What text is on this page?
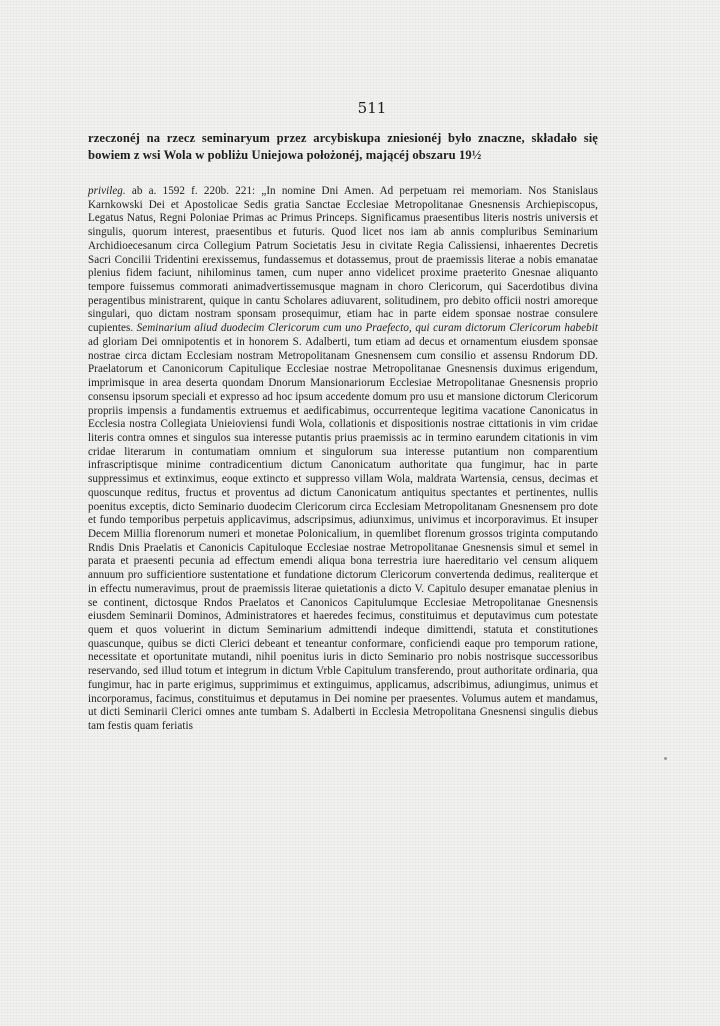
511
rzeczonéj na rzecz seminaryum przez arcybiskupa zniesionéj było znaczne, składało się bowiem z wsi Wola w pobliżu Uniejowa położonéj, mającéj obszaru 19½
privileg. ab a. 1592 f. 220b. 221: „In nomine Dni Amen. Ad perpetuam rei memoriam. Nos Stanislaus Karnkowski Dei et Apostolicae Sedis gratia Sanctae Ecclesiae Metropolitanae Gnesnensis Archiepiscopus, Legatus Natus, Regni Poloniae Primas ac Primus Princeps. Significamus praesentibus literis nostris universis et singulis, quorum interest, praesentibus et futuris. Quod licet nos iam ab annis compluribus Seminarium Archidioecesanum circa Collegium Patrum Societatis Jesu in civitate Regia Calissiensi, inhaerentes Decretis Sacri Concilii Tridentini erexissemus, fundassemus et dotassemus, prout de praemissis literae a nobis emanatae plenius fidem faciunt, nihilominus tamen, cum nuper anno videlicet proxime praeterito Gnesnae aliquanto tempore fuissemus commorati animadvertissemusque magnam in choro Clericorum, qui Sacerdotibus divina peragentibus ministrarent, quique in cantu Scholares adiuvarent, solitudinem, pro debito officii nostri amoreque singulari, quo dictam nostram sponsam prosequimur, etiam hac in parte eidem sponsae nostrae consulere cupientes. Seminarium aliud duodecim Clericorum cum uno Praefecto, qui curam dictorum Clericorum habebit ad gloriam Dei omnipotentis et in honorem S. Adalberti, tum etiam ad decus et ornamentum eiusdem sponsae nostrae circa dictam Ecclesiam nostram Metropolitanam Gnesnensem cum consilio et assensu Rndorum DD. Praelatorum et Canonicorum Capitulique Ecclesiae nostrae Metropolitanae Gnesnensis duximus erigendum, imprimisque in area deserta quondam Dnorum Mansionariorum Ecclesiae Metropolitanae Gnesnensis proprio consensu ipsorum speciali et expresso ad hoc ipsum accedente domum pro usu et mansione dictorum Clericorum propriis impensis a fundamentis extruemus et aedificabimus, occurrenteque legitima vacatione Canonicatus in Ecclesia nostra Collegiata Unieioviensi fundi Wola, collationis et dispositionis nostrae cittationis in vim cridae literis contra omnes et singulos sua interesse putantis prius praemissis ac in termino earundem citationis in vim cridae literarum in contumatiam omnium et singulorum sua interesse putantium non comparentium infrascriptisque minime contradicentium dictum Canonicatum authoritate qua fungimur, hac in parte suppressimus et extinximus, eoque extincto et suppresso villam Wola, maldrata Wartensia, census, decimas et quoscunque reditus, fructus et proventus ad dictum Canonicatum antiquitus spectantes et pertinentes, nullis poenitus exceptis, dicto Seminario duodecim Clericorum circa Ecclesiam Metropolitanam Gnesnensem pro dote et fundo temporibus perpetuis applicavimus, adscripsimus, adiunximus, univimus et incorporavimus. Et insuper Decem Millia florenorum numeri et monetae Polonicalium, in quemlibet florenum grossos triginta computando Rndis Dnis Praelatis et Canonicis Capituloque Ecclesiae nostrae Metropolitanae Gnesnensis simul et semel in parata et praesenti pecunia ad effectum emendi aliqua bona terrestria iure haereditario vel censum aliquem annuum pro sufficientiore sustentatione et fundatione dictorum Clericorum convertenda dedimus, realiterque et in effectu numeravimus, prout de praemissis literae quietationis a dicto V. Capitulo desuper emanatae plenius in se continent, dictosque Rndos Praelatos et Canonicos Capitulumque Ecclesiae Metropolitanae Gnesnensis eiusdem Seminarii Dominos, Administratores et haeredes fecimus, constituimus et deputavimus cum potestate quem et quos voluerint in dictum Seminarium admittendi indeque dimittendi, statuta et constitutiones quascunque, quibus se dicti Clerici debeant et teneantur conformare, conficiendi eaque pro temporum ratione, necessitate et oportunitate mutandi, nihil poenitus iuris in dicto Seminario pro nobis nostrisque successoribus reservando, sed illud totum et integrum in dictum Vrble Capitulum transferendo, prout authoritate ordinaria, qua fungimur, hac in parte erigimus, supprimimus et extinguimus, applicamus, adscribimus, adiungimus, unimus et incorporamus, facimus, constituimus et deputamus in Dei nomine per praesentes. Volumus autem et mandamus, ut dicti Seminarii Clerici omnes ante tumbam S. Adalberti in Ecclesia Metropolitana Gnesnensi singulis diebus tam festis quam feriatis
